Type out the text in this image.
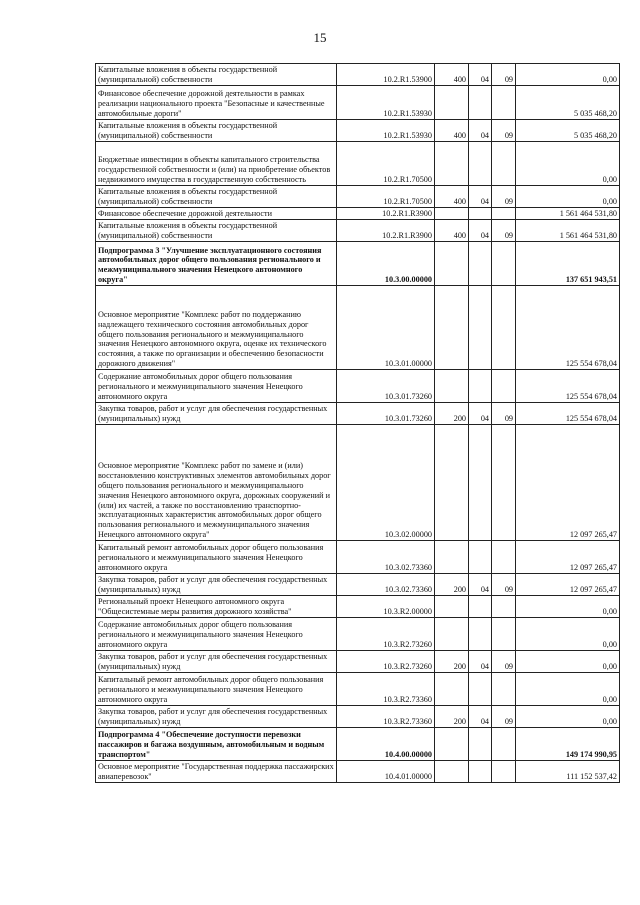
15
Капитальные вложения в объекты государственной (муниципальной) собственности	10.2.R1.53900	400	04	09	0,00
Финансовое обеспечение дорожной деятельности в рамках реализации национального проекта "Безопасные и качественные автомобильные дороги"	10.2.R1.53930				5 035 468,20
Капитальные вложения в объекты государственной (муниципальной) собственности	10.2.R1.53930	400	04	09	5 035 468,20
Бюджетные инвестиции в объекты капитального строительства государственной собственности и (или) на приобретение объектов недвижимого имущества в государственную собственность	10.2.R1.70500				0,00
Капитальные вложения в объекты государственной (муниципальной) собственности	10.2.R1.70500	400	04	09	0,00
Финансовое обеспечение дорожной деятельности	10.2.R1.R3900				1 561 464 531,80
Капитальные вложения в объекты государственной (муниципальной) собственности	10.2.R1.R3900	400	04	09	1 561 464 531,80
Подпрограмма 3 "Улучшение эксплуатационного состояния автомобильных дорог общего пользования регионального и межмуниципального значения Ненецкого автономного округа"	10.3.00.00000				137 651 943,51
Основное мероприятие "Комплекс работ по поддержанию надлежащего технического состояния автомобильных дорог общего пользования регионального и межмуниципального значения Ненецкого автономного округа, оценке их технического состояния, а также по организации и обеспечению безопасности дорожного движения"	10.3.01.00000				125 554 678,04
Содержание автомобильных дорог общего пользования регионального и межмуниципального значения Ненецкого автономного округа	10.3.01.73260				125 554 678,04
Закупка товаров, работ и услуг для обеспечения государственных (муниципальных) нужд	10.3.01.73260	200	04	09	125 554 678,04
Основное мероприятие "Комплекс работ по замене и (или) восстановлению конструктивных элементов автомобильных дорог общего пользования регионального и межмуниципального значения Ненецкого автономного округа, дорожных сооружений и (или) их частей, а также по восстановлению транспортно-эксплуатационных характеристик автомобильных дорог общего пользования регионального и межмуниципального значения Ненецкого автономного округа"	10.3.02.00000				12 097 265,47
Капитальный ремонт автомобильных дорог общего пользования регионального и межмуниципального значения Ненецкого автономного округа	10.3.02.73360				12 097 265,47
Закупка товаров, работ и услуг для обеспечения государственных (муниципальных) нужд	10.3.02.73360	200	04	09	12 097 265,47
Региональный проект Ненецкого автономного округа "Общесистемные меры развития дорожного хозяйства"	10.3.R2.00000				0,00
Содержание автомобильных дорог общего пользования регионального и межмуниципального значения Ненецкого автономного округа	10.3.R2.73260				0,00
Закупка товаров, работ и услуг для обеспечения государственных (муниципальных) нужд	10.3.R2.73260	200	04	09	0,00
Капитальный ремонт автомобильных дорог общего пользования регионального и межмуниципального значения Ненецкого автономного округа	10.3.R2.73360				0,00
Закупка товаров, работ и услуг для обеспечения государственных (муниципальных) нужд	10.3.R2.73360	200	04	09	0,00
Подпрограмма 4 "Обеспечение доступности перевозки пассажиров и багажа воздушным, автомобильным и водным транспортом"	10.4.00.00000				149 174 990,95
Основное мероприятие "Государственная поддержка пассажирских авиаперевозок"	10.4.01.00000				111 152 537,42
